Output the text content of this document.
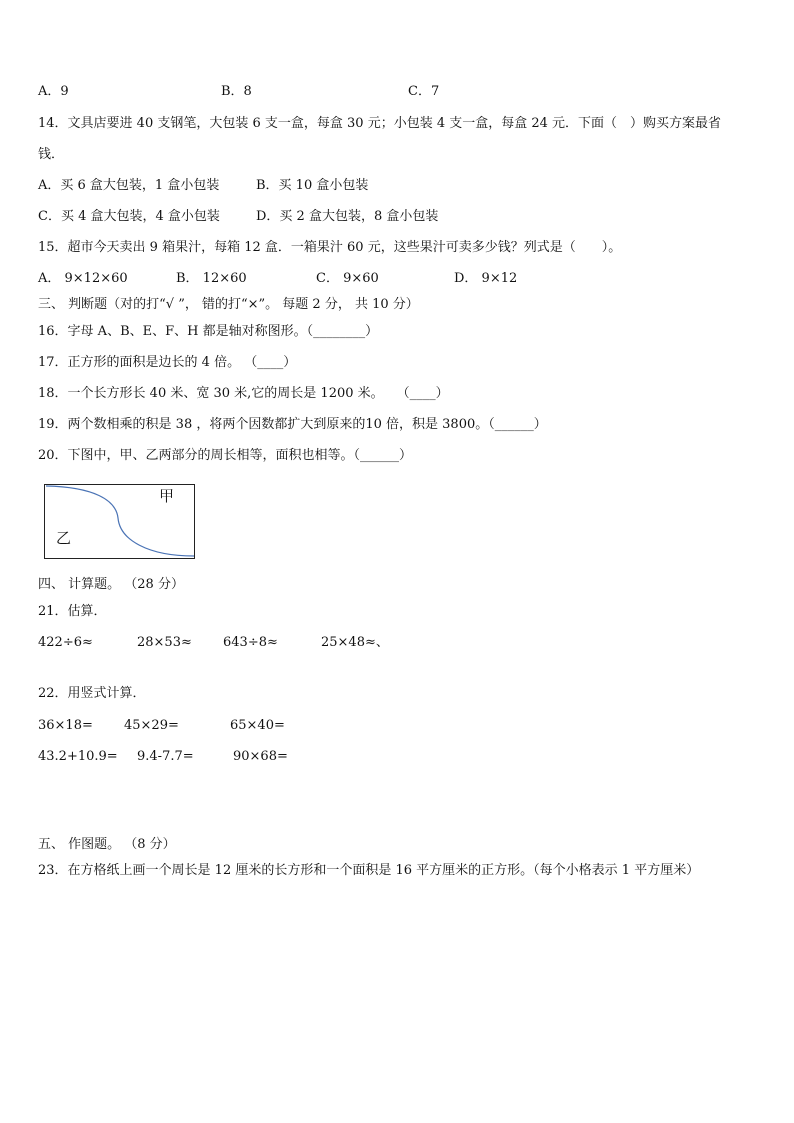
A．9	B．8	C．7
14．文具店要进 40 支钢笔，大包装 6 支一盒，每盒 30 元；小包装 4 支一盒，每盒 24 元．下面（　）购买方案最省
钱．
A．买 6 盒大包装，1 盒小包装	B．买 10 盒小包装
C．买 4 盒大包装，4 盒小包装	D．买 2 盒大包装，8 盒小包装
15．超市今天卖出 9 箱果汁，每箱 12 盒．一箱果汁 60 元，这些果汁可卖多少钱？列式是（　　）。
A． 9×12×60	B． 12×60	C． 9×60	D． 9×12
三、 判断题（对的打“√ ”， 错的打“×”。 每题 2 分， 共 10 分）
16．字母 A、B、E、F、H 都是轴对称图形。（________）
17．正方形的面积是边长的 4 倍。 （____）
18．一个长方形长 40 米、宽 30 米,它的周长是 1200 米。　　（____）
19．两个数相乘的积是 38 ，将两个因数都扩大到原来的10 倍，积是 3800。（______）
20．下图中，甲、乙两部分的周长相等，面积也相等。（______）
甲
乙
四、 计算题。 （28 分）
21．估算．
422÷6≈	28×53≈ 643÷8≈	25×48≈、
22．用竖式计算．
36×18= 45×29=	65×40=
43.2+10.9= 9.4-7.7=	90×68=
五、 作图题。 （8 分）
23．在方格纸上画一个周长是 12 厘米的长方形和一个面积是 16 平方厘米的正方形。（每个小格表示 1 平方厘米）
